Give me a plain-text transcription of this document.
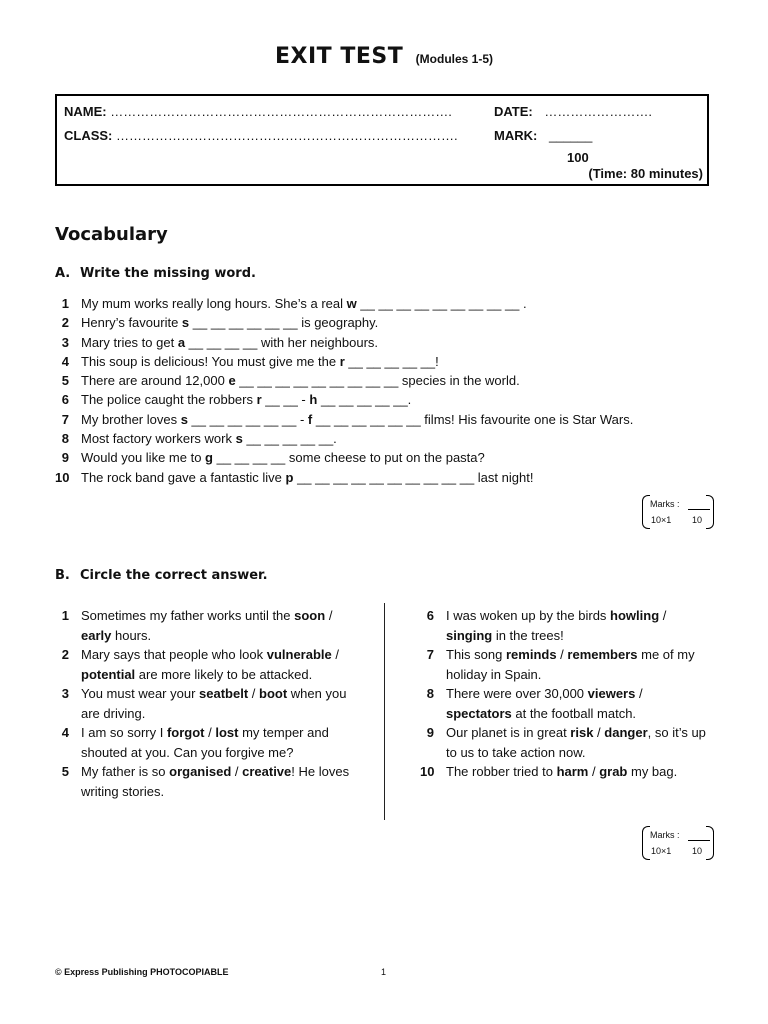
EXIT TEST (Modules 1-5)
NAME: …………………………………………………………………….	DATE: …………………….
CLASS: …………………………………………………………………….	MARK: ______
100
(Time: 80 minutes)
Vocabulary
A. Write the missing word.
1 My mum works really long hours. She’s a real w __ __ __ __ __ __ __ __ __ .
2 Henry’s favourite s __ __ __ __ __ __ is geography.
3 Mary tries to get a __ __ __ __ with her neighbours.
4 This soup is delicious! You must give me the r __ __ __ __ __!
5 There are around 12,000 e __ __ __ __ __ __ __ __ __ species in the world.
6 The police caught the robbers r __ __ - h __ __ __ __ __.
7 My brother loves s __ __ __ __ __ __ - f __ __ __ __ __ __ films! His favourite one is Star Wars.
8 Most factory workers work s __ __ __ __ __.
9 Would you like me to g __ __ __ __ some cheese to put on the pasta?
10 The rock band gave a fantastic live p __ __ __ __ __ __ __ __ __ __ last night!
Marks :
10×1 10
B. Circle the correct answer.
1 Sometimes my father works until the soon / early hours.
2 Mary says that people who look vulnerable / potential are more likely to be attacked.
3 You must wear your seatbelt / boot when you are driving.
4 I am so sorry I forgot / lost my temper and shouted at you. Can you forgive me?
5 My father is so organised / creative! He loves writing stories.
6 I was woken up by the birds howling / singing in the trees!
7 This song reminds / remembers me of my holiday in Spain.
8 There were over 30,000 viewers / spectators at the football match.
9 Our planet is in great risk / danger, so it’s up to us to take action now.
10 The robber tried to harm / grab my bag.
Marks :
10×1 10
© Express Publishing PHOTOCOPIABLE	1
